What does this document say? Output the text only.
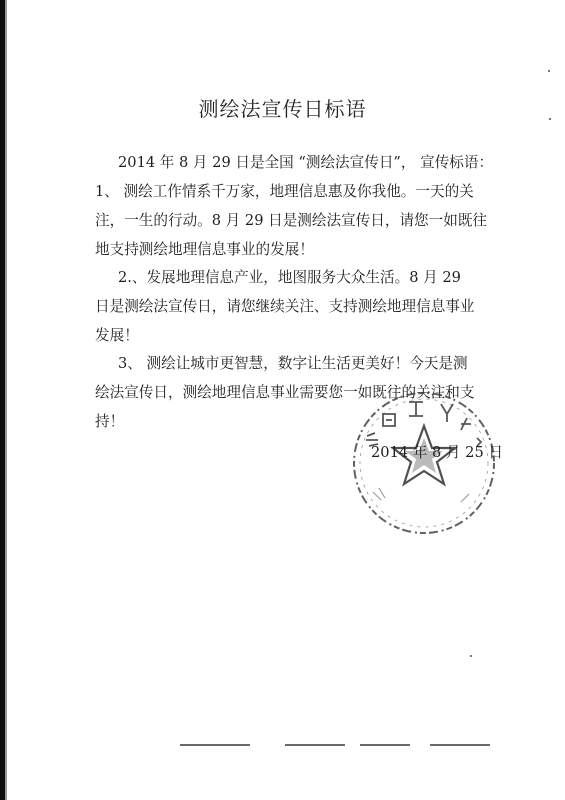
测绘法宣传日标语

2014 年 8 月 29 日是全国 “测绘法宣传日”， 宣传标语：

1、 测绘工作情系千万家，地理信息惠及你我他。一天的关

注，一生的行动。8 月 29 日是测绘法宣传日，请您一如既往

地支持测绘地理信息事业的发展！

2.、发展地理信息产业，地图服务大众生活。8 月 29

日是测绘法宣传日，请您继续关注、支持测绘地理信息事业

发展！

3、 测绘让城市更智慧，数字让生活更美好！今天是测

绘法宣传日，测绘地理信息事业需要您一如既往的关注和支

持！

2014 年 8 月 25 日
